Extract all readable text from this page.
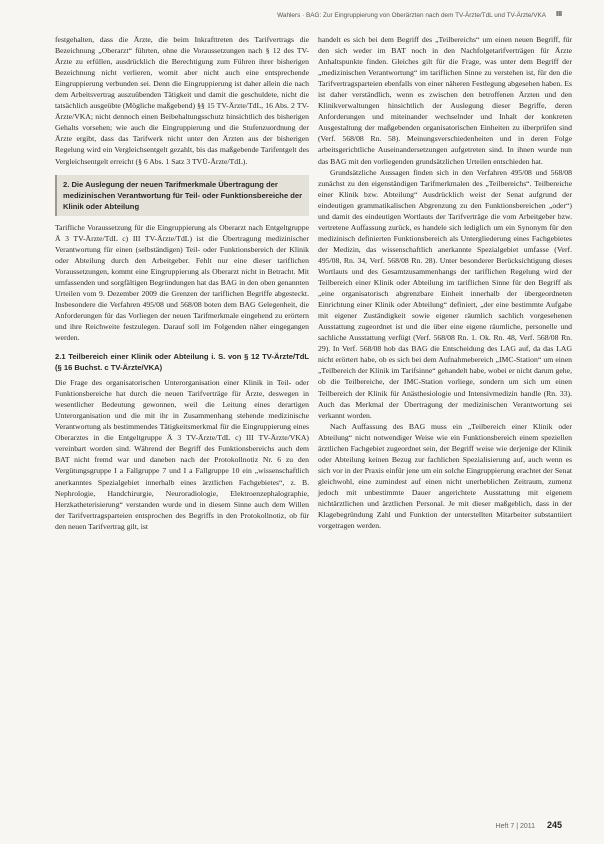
Wahlers · BAG: Zur Eingruppierung von Oberärzten nach dem TV-Ärzte/TdL und TV-Ärzte/VKA III

festgehalten, dass die Ärzte, die beim Inkrafttreten des Tarifvertrags die Bezeichnung „Oberarzt“ führten, ohne die Voraussetzungen nach § 12 des TV-Ärzte zu erfüllen, ausdrücklich die Berechtigung zum Führen ihrer bisherigen Bezeichnung nicht verlieren, womit aber nicht auch eine entsprechende Eingruppierung verbunden sei. Denn die Eingruppierung ist daher allein die nach dem Arbeitsvertrag auszuübenden Tätigkeit und damit die geschuldete, nicht die tatsächlich ausgeübte (Mögliche maßgebend) §§ 15 TV-Ärzte/TdL, 16 Abs. 2 TV-Ärzte/VKA; nicht dennoch einen Beibehaltungsschutz hinsichtlich des bisherigen Gehalts vorsehen; wie auch die Eingruppierung und die Stufenzuordnung der Ärzte ergibt, dass das Tarifwerk nicht unter den Ärzten aus der bisherigen Regelung wird ein Vergleichsentgelt gezahlt, bis das maßgebende Tarifentgelt des Vergleichsentgelt erreicht (§ 6 Abs. 1 Satz 3 TVÜ-Ärzte/TdL).

2. Die Auslegung der neuen Tarifmerkmale Übertragung der medizinischen Verantwortung für Teil- oder Funktionsbereiche der Klinik oder Abteilung

Tarifliche Voraussetzung für die Eingruppierung als Oberarzt nach Entgeltgruppe Ä 3 TV-Ärzte/TdL c) III TV-Ärzte/TdL) ist die Übertragung medizinischer Verantwortung für einen (selbständigen) Teil- oder Funktionsbereich der Klinik oder Abteilung durch den Arbeitgeber. Fehlt nur eine dieser tariflichen Voraussetzungen, kommt eine Eingruppierung als Oberarzt nicht in Betracht. Mit umfassenden und sorgfältigen Begründungen hat das BAG in den oben genannten Urteilen vom 9. Dezember 2009 die Grenzen der tariflichen Begriffe abgesteckt. Insbesondere die Verfahren 495/08 und 568/08 boten dem BAG Gelegenheit, die Anforderungen für das Vorliegen der neuen Tarifmerkmale eingehend zu erörtern und ihre Reichweite festzulegen. Darauf soll im Folgenden näher eingegangen werden.

2.1 Teilbereich einer Klinik oder Abteilung i. S. von § 12 TV-Ärzte/TdL (§ 16 Buchst. c TV-Ärzte/VKA)

Die Frage des organisatorischen Unterorganisation einer Klinik in Teil- oder Funktionsbereiche hat durch die neuen Tarifverträge für Ärzte, deswegen in wesentlicher Bedeutung gewonnen, weil die Leitung eines derartigen Unterorganisation und die mit ihr in Zusammenhang stehende medizinische Verantwortung als bestimmendes Tätigkeitsmerkmal für die Eingruppierung eines Oberarztes in die Entgeltgruppe Ä 3 TV-Ärzte/TdL c) III TV-Ärzte/VKA) vereinbart worden sind. Während der Begriff des Funktionsbereichs auch dem BAT nicht fremd war und daneben nach der Protokollnotiz Nr. 6 zu den Vergütungsgruppe I a Fallgruppe 7 und I a Fallgruppe 10 ein „wissenschaftlich anerkanntes Spezialgebiet innerhalb eines ärztlichen Fachgebietes“, z. B. Nephrologie, Handchirurgie, Neuroradiologie, Elektroenzephalographie, Herzkatheterisierung“ verstanden wurde und in diesem Sinne auch dem Willen der Tarifvertragsparteien entsprochen des Begriffs in den Protokollnotiz, ob für den neuen Tarifvertrag gilt, ist

handelt es sich bei dem Begriff des „Teilbereichs“ um einen neuen Begriff, für den sich weder im BAT noch in den Nachfolgetarifverträgen für Ärzte Anhaltspunkte finden. Gleiches gilt für die Frage, was unter dem Begriff der „medizinischen Verantwortung“ im tariflichen Sinne zu verstehen ist, für den die Tarifvertragsparteien ebenfalls von einer näheren Festlegung abgesehen haben. Es ist daher verständlich, wenn es zwischen den betroffenen Ärzten und den Klinikverwaltungen hinsichtlich der Auslegung dieser Begriffe, deren Anforderungen und miteinander wechselnder und Inhalt der konkreten Ausgestaltung der maßgebenden organisatorischen Einheiten zu überprüfen sind (Verf. 568/08 Rn. 58). Meinungsverschiedenheiten und in deren Folge arbeitsgerichtliche Auseinandersetzungen aufgetreten sind. In ihnen wurde nun das BAG mit den vorliegenden grundsätzlichen Urteilen entschieden hat.

Grundsätzliche Aussagen finden sich in den Verfahren 495/08 und 568/08 zunächst zu den eigenständigen Tarifmerkmalen des „Teilbereichs“. Teilbereiche einer Klinik bzw. Abteilung“ Ausdrücklich weist der Senat aufgrund der eindeutigen grammatikalischen Abgrenzung zu den Funktionsbereichen „oder“) und damit des eindeutigen Wortlauts der Tarifverträge die vom Arbeitgeber bzw. vertretene Auffassung zurück, es handele sich lediglich um ein Synonym für den medizinisch definierten Funktionsbereich als Untergliederung eines Fachgebietes der Medizin, das wissenschaftlich anerkannte Spezialgebiet umfasse (Verf. 495/08, Rn. 34, Verf. 568/08 Rn. 28). Unter besonderer Berücksichtigung dieses Wortlauts und des Gesamtzusammenhangs der tariflichen Regelung wird der Teilbereich einer Klinik oder Abteilung im tariflichen Sinne für den Begriff als „eine organisatorisch abgrenzbare Einheit innerhalb der übergeordneten Einrichtung einer Klinik oder Abteilung“ definiert, „der eine bestimmte Aufgabe mit eigener Zuständigkeit sowie eigener räumlich sachlich vorgesehenen Ausstattung zugeordnet ist und die über eine eigene räumliche, personelle und sachliche Ausstattung verfügt (Verf. 568/08 Rn. 1. Ok. Rn. 48, Verf. 568/08 Rn. 29). In Verf. 568/08 hob das BAG die Entscheidung des LAG auf, da das LAG nicht erörtert habe, ob es sich bei dem Aufnahmebereich „IMC-Station“ um einen „Teilbereich der Klinik im Tarifsinne“ gehandelt habe, wobei er nicht darum gehe, ob die Teilbereiche, der IMC-Station vorliege, sondern um sich um einen Teilbereich der Klinik für Anästhesiologie und Intensivmedizin handle (Rn. 33). Auch das Merkmal der Übertragung der medizinischen Verantwortung sei verkannt worden.

Nach Auffassung des BAG muss ein „Teilbereich einer Klinik oder Abteilung“ nicht notwendiger Weise wie ein Funktionsbereich einem speziellen ärztlichen Fachgebiet zugeordnet sein, der Begriff weise wie derjenige der Klinik oder Abteilung keinen Bezug zur fachlichen Spezialisierung auf, auch wenn es sich vor in der Praxis einfür jene um ein solche Eingruppierung erachtet der Senat gleichwohl, eine zumindest auf einen nicht unerheblichen Zeitraum, zumenz jedoch mit unbestimmte Dauer angerichtete Ausstattung mit eigenem nichtärztlichen und ärztlichen Personal. Je mit dieser maßgeblich, dass in der Klagebegründung Zahl und Funktion der unterstellten Mitarbeiter substantiiert vorgetragen werden.

Heft 7 | 2011 245
